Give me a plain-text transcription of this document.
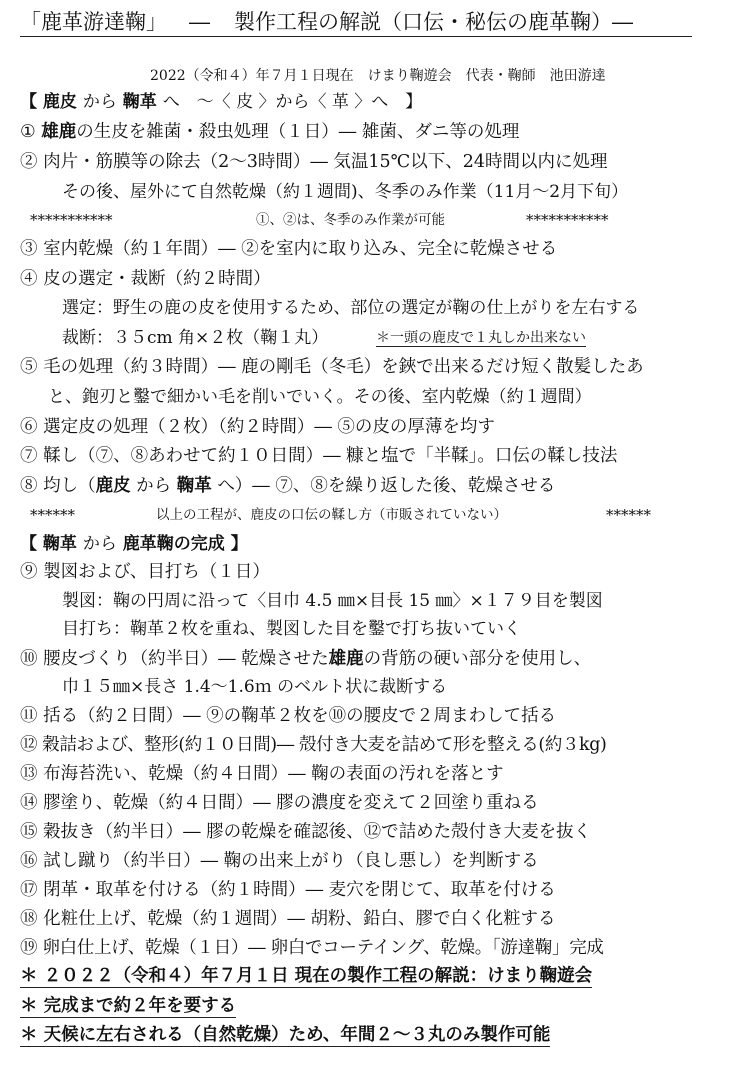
「鹿革游達鞠」 ― 製作工程の解説（口伝・秘伝の鹿革鞠）―
2022（令和４）年７月１日現在　けまり鞠遊会　代表・鞠師　池田游達
【 鹿皮 から 鞠革 へ　～〈 皮 〉から〈 革 〉へ　】
① 雄鹿の生皮を雑菌・殺虫処理（１日）― 雑菌、ダニ等の処理
② 肉片・筋膜等の除去（2～3時間）― 気温15℃以下、24時間以内に処理
その後、屋外にて自然乾燥（約１週間)、冬季のみ作業（11月～2月下旬）
***********	①、②は、冬季のみ作業が可能	***********
③ 室内乾燥（約１年間）― ②を室内に取り込み、完全に乾燥させる
④ 皮の選定・裁断（約２時間）
選定：野生の鹿の皮を使用するため、部位の選定が鞠の仕上がりを左右する
裁断：３５cm 角×２枚（鞠１丸）	＊一頭の鹿皮で１丸しか出来ない
⑤ 毛の処理（約３時間）― 鹿の剛毛（冬毛）を鋏で出来るだけ短く散髪したあ
と、鉋刃と鑿で細かい毛を削いでいく。その後、室内乾燥（約１週間）
⑥ 選定皮の処理（２枚）（約２時間）― ⑤の皮の厚薄を均す
⑦ 鞣し（⑦、⑧あわせて約１０日間）― 糠と塩で「半鞣」。口伝の鞣し技法
⑧ 均し（鹿皮 から 鞠革 へ）― ⑦、⑧を繰り返した後、乾燥させる
******	以上の工程が、鹿皮の口伝の鞣し方（市販されていない）	******
【 鞠革 から 鹿革鞠の完成 】
⑨ 製図および、目打ち（１日）
製図：鞠の円周に沿って〈目巾 4.5 ㎜×目長 15 ㎜〉×１７９目を製図
目打ち：鞠革２枚を重ね、製図した目を鑿で打ち抜いていく
⑩ 腰皮づくり（約半日）― 乾燥させた雄鹿の背筋の硬い部分を使用し、
巾１５㎜×長さ 1.4～1.6ｍ のベルト状に裁断する
⑪ 括る（約２日間）― ⑨の鞠革２枚を⑩の腰皮で２周まわして括る
⑫ 穀詰および、整形(約１０日間)― 殻付き大麦を詰めて形を整える(約３kg)
⑬ 布海苔洗い、乾燥（約４日間）― 鞠の表面の汚れを落とす
⑭ 膠塗り、乾燥（約４日間）― 膠の濃度を変えて２回塗り重ねる
⑮ 穀抜き（約半日）― 膠の乾燥を確認後、⑫で詰めた殻付き大麦を抜く
⑯ 試し蹴り（約半日）― 鞠の出来上がり（良し悪し）を判断する
⑰ 閉革・取革を付ける（約１時間）― 麦穴を閉じて、取革を付ける
⑱ 化粧仕上げ、乾燥（約１週間）― 胡粉、鉛白、膠で白く化粧する
⑲ 卵白仕上げ、乾燥（１日）― 卵白でコーテイング、乾燥。「游達鞠」完成
＊ ２０２２（令和４）年７月１日 現在の製作工程の解説：けまり鞠遊会
＊ 完成まで約２年を要する
＊ 天候に左右される（自然乾燥）ため、年間２～３丸のみ製作可能
